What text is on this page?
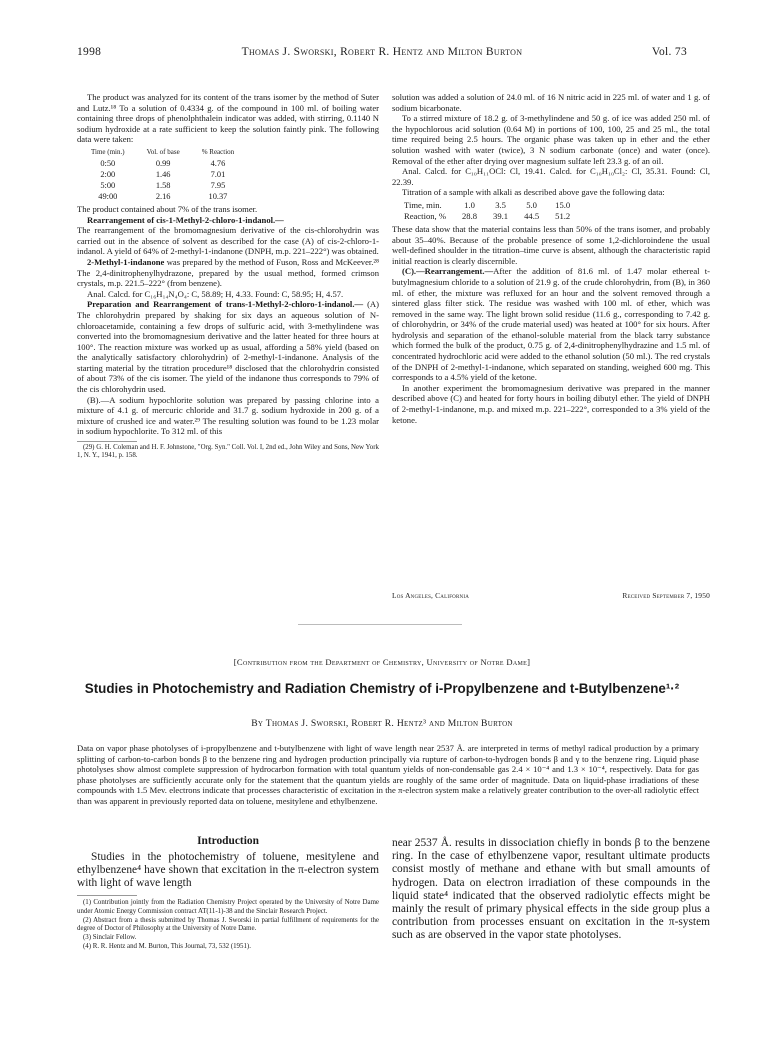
1998	Thomas J. Sworski, Robert R. Hentz and Milton Burton	Vol. 73

The product was analyzed for its content of the trans isomer by the method of Suter and Lutz.¹⁸ To a solution of 0.4334 g. of the compound in 100 ml. of boiling water containing three drops of phenolphthalein indicator was added, with stirring, 0.1140 N sodium hydroxide at a rate sufficient to keep the solution faintly pink. The following data were taken:

Time (min.)	Vol. of base	% Reaction
0:50	0.99	4.76
2:00	1.46	7.01
5:00	1.58	7.95
49:00	2.16	10.37

The product contained about 7% of the trans isomer.

Rearrangement of cis-1-Methyl-2-chloro-1-indanol.—

The rearrangement of the bromomagnesium derivative of the cis-chlorohydrin was carried out in the absence of solvent as described for the case (A) of cis-2-chloro-1-indanol. A yield of 64% of 2-methyl-1-indanone (DNPH, m.p. 221–222°) was obtained.

2-Methyl-1-indanone was prepared by the method of Fuson, Ross and McKeever.²⁸ The 2,4-dinitrophenylhydrazone, prepared by the usual method, formed crimson crystals, m.p. 221.5–222° (from benzene).

Anal. Calcd. for C₁₆H₁₄N₄O₄: C, 58.89; H, 4.33. Found: C, 58.95; H, 4.57.

Preparation and Rearrangement of trans-1-Methyl-2-chloro-1-indanol.— (A) The chlorohydrin prepared by shaking for six days an aqueous solution of N-chloroacetamide, containing a few drops of sulfuric acid, with 3-methylindene was converted into the bromomagnesium derivative and the latter heated for three hours at 100°. The reaction mixture was worked up as usual, affording a 58% yield (based on the analytically satisfactory chlorohydrin) of 2-methyl-1-indanone. Analysis of the starting material by the titration procedure¹⁸ disclosed that the chlorohydrin consisted of about 73% of the cis isomer. The yield of the indanone thus corresponds to 79% of the cis chlorohydrin used.

(B).—A sodium hypochlorite solution was prepared by passing chlorine into a mixture of 4.1 g. of mercuric chloride and 31.7 g. sodium hydroxide in 200 g. of a mixture of crushed ice and water.²⁹ The resulting solution was found to be 1.23 molar in sodium hypochlorite. To 312 ml. of this

(29) G. H. Coleman and H. F. Johnstone, "Org. Syn." Coll. Vol. I, 2nd ed., John Wiley and Sons, New York 1, N. Y., 1941, p. 158.

solution was added a solution of 24.0 ml. of 16 N nitric acid in 225 ml. of water and 1 g. of sodium bicarbonate.

To a stirred mixture of 18.2 g. of 3-methylindene and 50 g. of ice was added 250 ml. of the hypochlorous acid solution (0.64 M) in portions of 100, 100, 25 and 25 ml., the total time required being 2.5 hours. The organic phase was taken up in ether and the ether solution washed with water (twice), 3 N sodium carbonate (once) and water (once). Removal of the ether after drying over magnesium sulfate left 23.3 g. of an oil.

Anal. Calcd. for C₁₀H₁₁OCl: Cl, 19.41. Calcd. for C₁₀H₁₀Cl₂: Cl, 35.31. Found: Cl, 22.39.

Titration of a sample with alkali as described above gave the following data:

Time, min.	1.0	3.5	5.0	15.0
Reaction, %	28.8	39.1	44.5	51.2

These data show that the material contains less than 50% of the trans isomer, and probably about 35–40%. Because of the probable presence of some 1,2-dichloroindene the usual well-defined shoulder in the titration–time curve is absent, although the characteristic rapid initial reaction is clearly discernible.

(C).—Rearrangement.—After the addition of 81.6 ml. of 1.47 molar ethereal t-butylmagnesium chloride to a solution of 21.9 g. of the crude chlorohydrin, from (B), in 360 ml. of ether, the mixture was refluxed for an hour and the solvent removed through a sintered glass filter stick. The residue was washed with 100 ml. of ether, which was removed in the same way. The light brown solid residue (11.6 g., corresponding to 7.42 g. of chlorohydrin, or 34% of the crude material used) was heated at 100° for six hours. After hydrolysis and separation of the ethanol-soluble material from the black tarry substance which formed the bulk of the product, 0.75 g. of 2,4-dinitrophenylhydrazine and 1.5 ml. of concentrated hydrochloric acid were added to the ethanol solution (50 ml.). The red crystals of the DNPH of 2-methyl-1-indanone, which separated on standing, weighed 600 mg. This corresponds to a 4.5% yield of the ketone.

In another experiment the bromomagnesium derivative was prepared in the manner described above (C) and heated for forty hours in boiling dibutyl ether. The yield of DNPH of 2-methyl-1-indanone, m.p. and mixed m.p. 221–222°, corresponded to a 3% yield of the ketone.

Los Angeles, California	Received September 7, 1950
[Contribution from the Department of Chemistry, University of Notre Dame]
Studies in Photochemistry and Radiation Chemistry of i-Propylbenzene and t-Butylbenzene¹·²
By Thomas J. Sworski, Robert R. Hentz³ and Milton Burton
Data on vapor phase photolyses of i-propylbenzene and t-butylbenzene with light of wave length near 2537 Å. are interpreted in terms of methyl radical production by a primary splitting of carbon-to-carbon bonds β to the benzene ring and hydrogen production principally via rupture of carbon-to-hydrogen bonds β and γ to the benzene ring. Liquid phase photolyses show almost complete suppression of hydrocarbon formation with total quantum yields of non-condensable gas 2.4 × 10⁻⁴ and 1.3 × 10⁻⁴, respectively. Data for gas phase photolyses are sufficiently accurate only for the statement that the quantum yields are roughly of the same order of magnitude. Data on liquid-phase irradiations of these compounds with 1.5 Mev. electrons indicate that processes characteristic of excitation in the π-electron system make a relatively greater contribution to the over-all radiolytic effect than was apparent in previously reported data on toluene, mesitylene and ethylbenzene.
Introduction

Studies in the photochemistry of toluene, mesitylene and ethylbenzene⁴ have shown that excitation in the π-electron system with light of wave length

(1) Contribution jointly from the Radiation Chemistry Project operated by the University of Notre Dame under Atomic Energy Commission contract AT(11-1)-38 and the Sinclair Research Project.

(2) Abstract from a thesis submitted by Thomas J. Sworski in partial fulfillment of requirements for the degree of Doctor of Philosophy at the University of Notre Dame.

(3) Sinclair Fellow.

(4) R. R. Hentz and M. Burton, This Journal, 73, 532 (1951).

near 2537 Å. results in dissociation chiefly in bonds β to the benzene ring. In the case of ethylbenzene vapor, resultant ultimate products consist mostly of methane and ethane with but small amounts of hydrogen. Data on electron irradiation of these compounds in the liquid state⁴ indicated that the observed radiolytic effects might be mainly the result of primary physical effects in the side group plus a contribution from processes ensuant on excitation in the π-system such as are observed in the vapor state photolyses.
